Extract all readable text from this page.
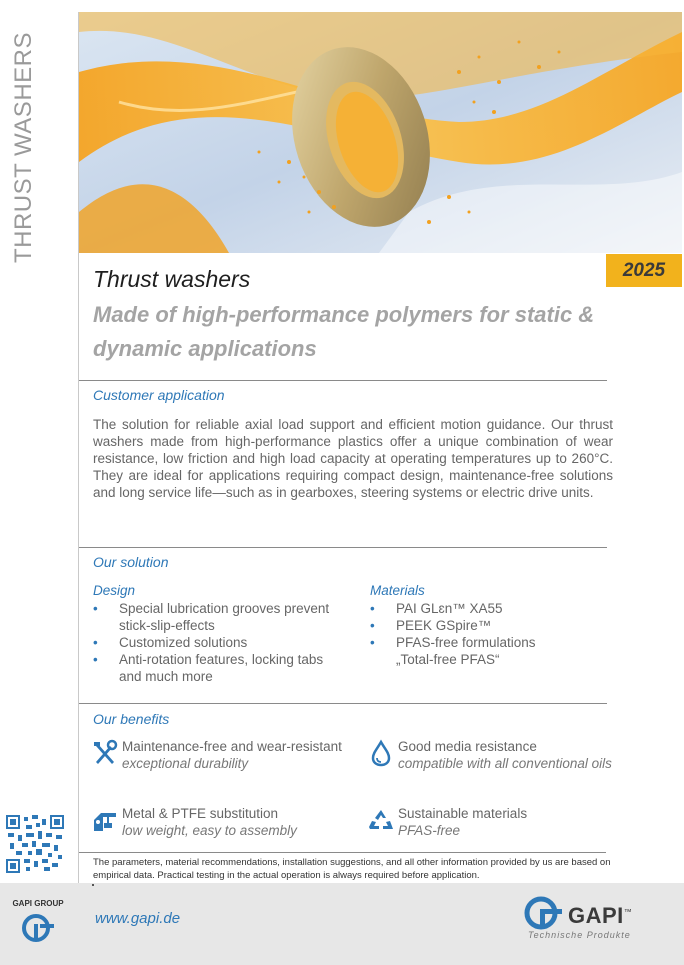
THRUST WASHERS
2025
Thrust washers
Made of high-performance polymers for static & dynamic applications
Customer application
The solution for reliable axial load support and efficient motion guidance. Our thrust washers made from high-performance plastics offer a unique combination of wear resistance, low friction and high load capacity at operating temperatures up to 260°C. They are ideal for applications requiring compact design, maintenance-free solutions and long service life—such as in gearboxes, steering systems or electric drive units.
Our solution
Design
• Special lubrication grooves prevent stick-slip-effects
• Customized solutions
• Anti-rotation features, locking tabs and much more
Materials
• PAI GLɛn™ XA55
• PEEK GSpire™
• PFAS-free formulations „Total-free PFAS“
Our benefits
Maintenance-free and wear-resistant
exceptional durability
Good media resistance
compatible with all conventional oils
Metal & PTFE substitution
low weight, easy to assembly
Sustainable materials
PFAS-free
The parameters, material recommendations, installation suggestions, and all other information provided by us are based on empirical data. Practical testing in the actual operation is always required before application.
GAPI GROUP
www.gapi.de	GAPI™
Technische Produkte
